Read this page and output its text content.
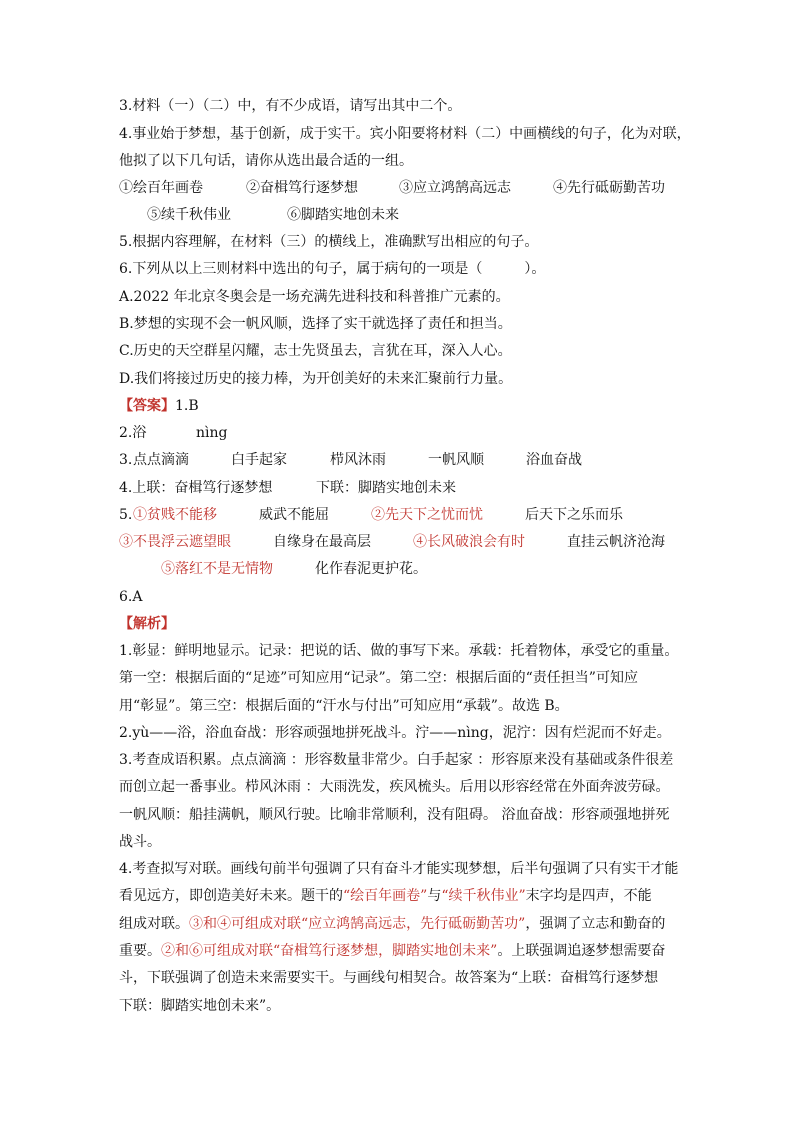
3.材料（一）（二）中，有不少成语，请写出其中二个。
4.事业始于梦想，基于创新，成于实干。宾小阳要将材料（二）中画横线的句子，化为对联，
他拟了以下几句话，请你从选出最合适的一组。
①绘百年画卷	②奋楫笃行逐梦想	③应立鸿鹄高远志	④先行砥砺勤苦功
⑤续千秋伟业	⑥脚踏实地创未来
5.根据内容理解，在材料（三）的横线上，准确默写出相应的句子。
6.下列从以上三则材料中选出的句子，属于病句的一项是（　　　）。
A.2022 年北京冬奥会是一场充满先进科技和科普推广元素的。
B.梦想的实现不会一帆风顺，选择了实干就选择了责任和担当。
C.历史的天空群星闪耀，志士先贤虽去，言犹在耳，深入人心。
D.我们将接过历史的接力棒，为开创美好的未来汇聚前行力量。
【答案】1.B
2.浴	nìng
3. 点点滴滴	白手起家	栉风沐雨	一帆风顺	浴血奋战
4.上联：奋楫笃行逐梦想	下联：脚踏实地创未来
5. ①贫贱不能移	威武不能屈	②先天下之忧而忧	后天下之乐而乐
③不畏浮云遮望眼	自缘身在最高层	④长风破浪会有时	直挂云帆济沧海
⑤落红不是无情物	化作春泥更护花。
6.A
【解析】
1.彰显：鲜明地显示。记录：把说的话、做的事写下来。承载：托着物体，承受它的重量。
第一空：根据后面的“足迹”可知应用“记录”。第二空：根据后面的“责任担当”可知应
用“彰显”。第三空：根据后面的“汗水与付出”可知应用“承载”。故选 B。
2.yù——浴，浴血奋战：形容顽强地拼死战斗。泞——nìng，泥泞：因有烂泥而不好走。
3.考查成语积累。点点滴滴 ：形容数量非常少。白手起家 ：形容原来没有基础或条件很差
而创立起一番事业。栉风沐雨 ：大雨洗发，疾风梳头。后用以形容经常在外面奔波劳碌。
一帆风顺：船挂满帆，顺风行驶。比喻非常顺利，没有阻碍。 浴血奋战：形容顽强地拼死
战斗。
4.考查拟写对联。画线句前半句强调了只有奋斗才能实现梦想，后半句强调了只有实干才能
看见远方，即创造美好未来。题干的“绘百年画卷”与“续千秋伟业”末字均是四声，不能
组成对联。③和④可组成对联“应立鸿鹄高远志，先行砥砺勤苦功”，强调了立志和勤奋的
重要。②和⑥可组成对联“奋楫笃行逐梦想，脚踏实地创未来”。上联强调追逐梦想需要奋
斗，下联强调了创造未来需要实干。与画线句相契合。故答案为“上联：奋楫笃行逐梦想
下联：脚踏实地创未来”。
